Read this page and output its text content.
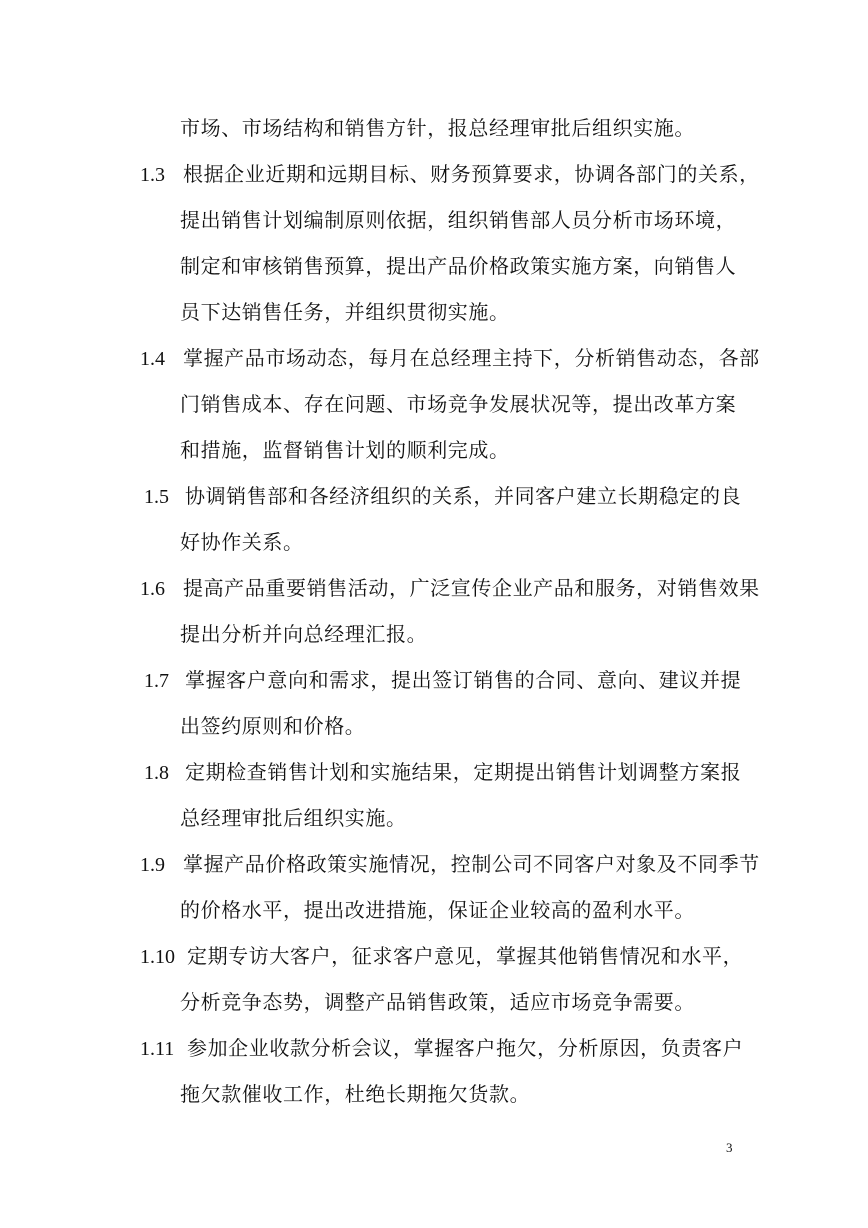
市场、市场结构和销售方针，报总经理审批后组织实施。
1.3 根据企业近期和远期目标、财务预算要求，协调各部门的关系，
提出销售计划编制原则依据，组织销售部人员分析市场环境，
制定和审核销售预算，提出产品价格政策实施方案，向销售人
员下达销售任务，并组织贯彻实施。
1.4 掌握产品市场动态，每月在总经理主持下，分析销售动态，各部
门销售成本、存在问题、市场竞争发展状况等，提出改革方案
和措施，监督销售计划的顺利完成。
1.5 协调销售部和各经济组织的关系，并同客户建立长期稳定的良
好协作关系。
1.6 提高产品重要销售活动，广泛宣传企业产品和服务，对销售效果
提出分析并向总经理汇报。
1.7 掌握客户意向和需求，提出签订销售的合同、意向、建议并提
出签约原则和价格。
1.8 定期检查销售计划和实施结果，定期提出销售计划调整方案报
总经理审批后组织实施。
1.9 掌握产品价格政策实施情况，控制公司不同客户对象及不同季节
的价格水平，提出改进措施，保证企业较高的盈利水平。
1.10 定期专访大客户，征求客户意见，掌握其他销售情况和水平，
分析竞争态势，调整产品销售政策，适应市场竞争需要。
1.11 参加企业收款分析会议，掌握客户拖欠，分析原因，负责客户
拖欠款催收工作，杜绝长期拖欠货款。
3
